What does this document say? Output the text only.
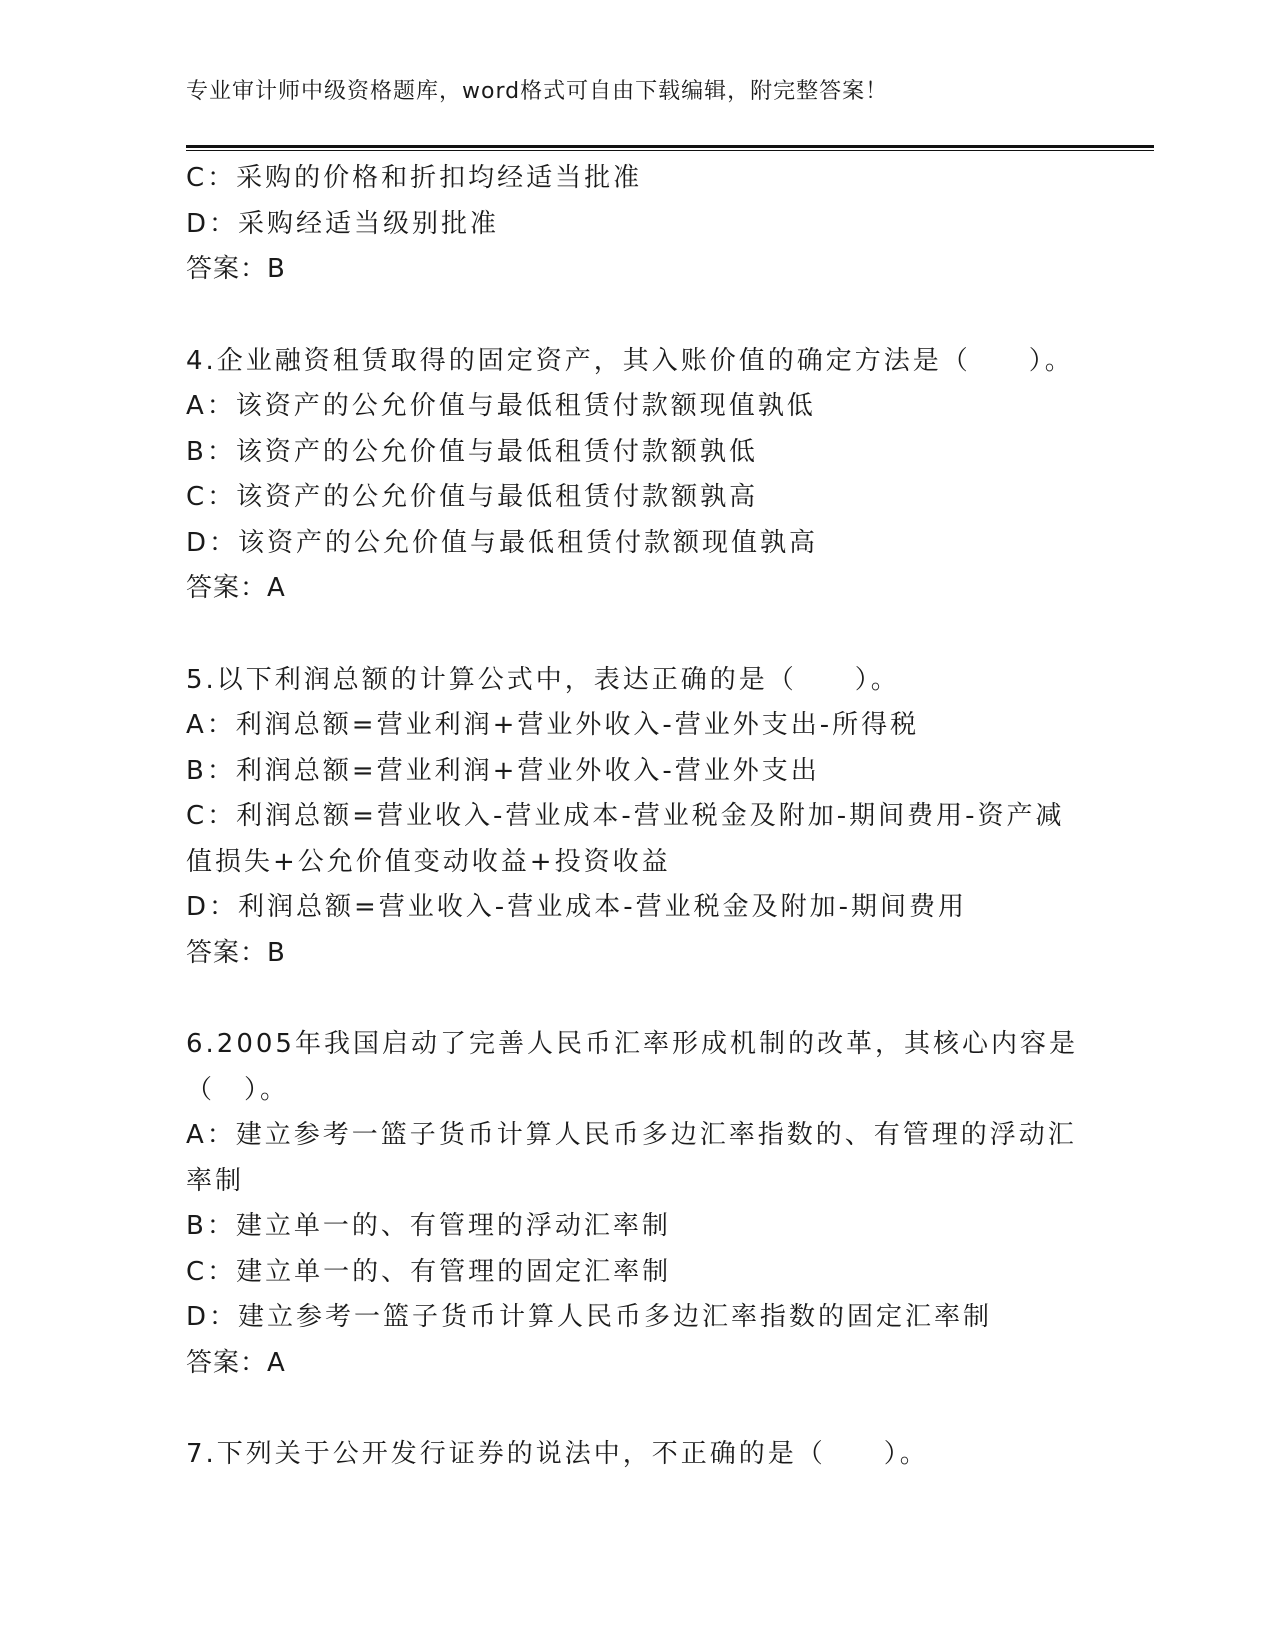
专业审计师中级资格题库，word格式可自由下载编辑，附完整答案！
C：采购的价格和折扣均经适当批准
D：采购经适当级别批准
答案：B
4.企业融资租赁取得的固定资产，其入账价值的确定方法是（　　）。
A：该资产的公允价值与最低租赁付款额现值孰低
B：该资产的公允价值与最低租赁付款额孰低
C：该资产的公允价值与最低租赁付款额孰高
D：该资产的公允价值与最低租赁付款额现值孰高
答案：A
5.以下利润总额的计算公式中，表达正确的是（　　）。
A：利润总额=营业利润+营业外收入-营业外支出-所得税
B：利润总额=营业利润+营业外收入-营业外支出
C：利润总额=营业收入-营业成本-营业税金及附加-期间费用-资产减
值损失+公允价值变动收益+投资收益
D：利润总额=营业收入-营业成本-营业税金及附加-期间费用
答案：B
6.2005年我国启动了完善人民币汇率形成机制的改革，其核心内容是
（　）。
A：建立参考一篮子货币计算人民币多边汇率指数的、有管理的浮动汇
率制
B：建立单一的、有管理的浮动汇率制
C：建立单一的、有管理的固定汇率制
D：建立参考一篮子货币计算人民币多边汇率指数的固定汇率制
答案：A
7.下列关于公开发行证券的说法中，不正确的是（　　）。
